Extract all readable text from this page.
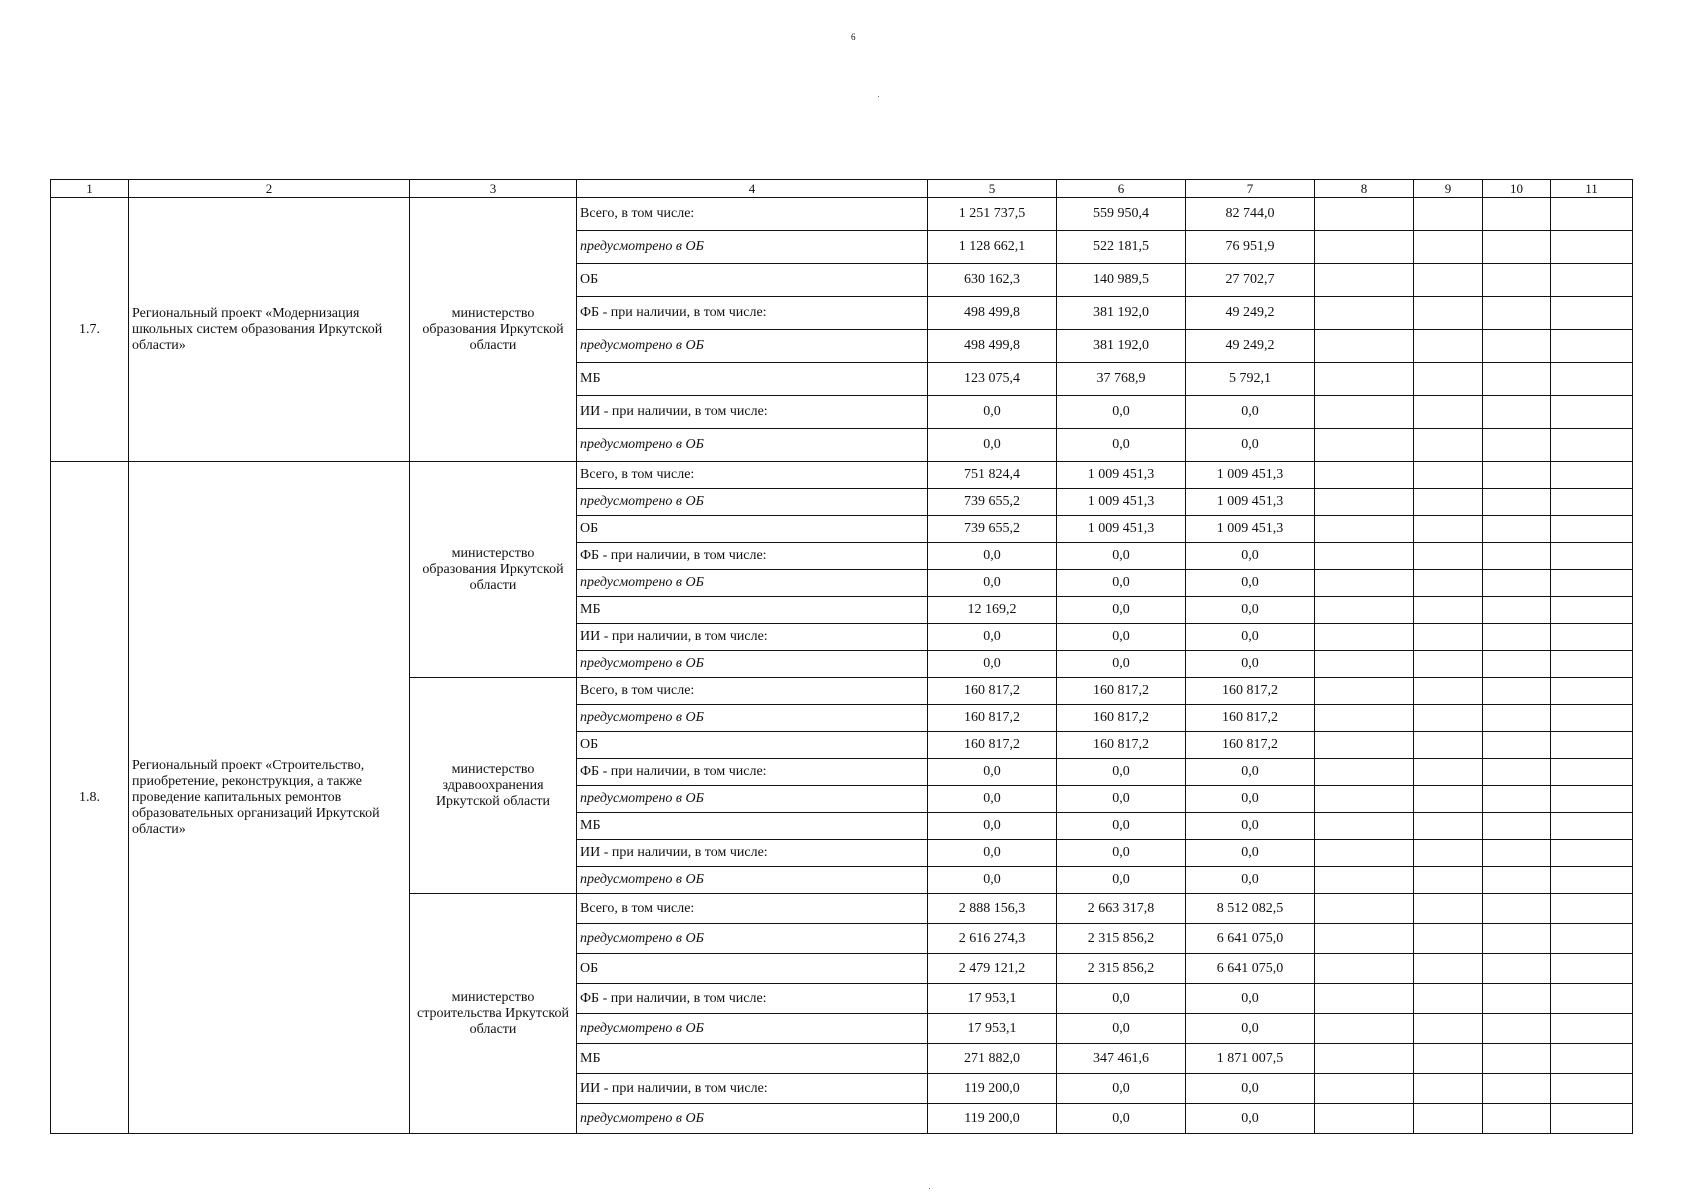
6
1	2	3	4	5	6	7	8	9	10	11
1.7.	Региональный проект «Модернизация школьных систем образования Иркутской области»	министерство образования Иркутской области	Всего, в том числе:	1 251 737,5	559 950,4	82 744,0				
			предусмотрено в ОБ	1 128 662,1	522 181,5	76 951,9				
			ОБ	630 162,3	140 989,5	27 702,7				
			ФБ - при наличии, в том числе:	498 499,8	381 192,0	49 249,2				
			предусмотрено в ОБ	498 499,8	381 192,0	49 249,2				
			МБ	123 075,4	37 768,9	5 792,1				
			ИИ - при наличии, в том числе:	0,0	0,0	0,0				
			предусмотрено в ОБ	0,0	0,0	0,0				
1.8.	Региональный проект «Строительство, приобретение, реконструкция, а также проведение капитальных ремонтов образовательных организаций Иркутской области»	министерство образования Иркутской области	Всего, в том числе:	751 824,4	1 009 451,3	1 009 451,3				
			предусмотрено в ОБ	739 655,2	1 009 451,3	1 009 451,3				
			ОБ	739 655,2	1 009 451,3	1 009 451,3				
			ФБ - при наличии, в том числе:	0,0	0,0	0,0				
			предусмотрено в ОБ	0,0	0,0	0,0				
			МБ	12 169,2	0,0	0,0				
			ИИ - при наличии, в том числе:	0,0	0,0	0,0				
			предусмотрено в ОБ	0,0	0,0	0,0				
		министерство здравоохранения Иркутской области	Всего, в том числе:	160 817,2	160 817,2	160 817,2				
			предусмотрено в ОБ	160 817,2	160 817,2	160 817,2				
			ОБ	160 817,2	160 817,2	160 817,2				
			ФБ - при наличии, в том числе:	0,0	0,0	0,0				
			предусмотрено в ОБ	0,0	0,0	0,0				
			МБ	0,0	0,0	0,0				
			ИИ - при наличии, в том числе:	0,0	0,0	0,0				
			предусмотрено в ОБ	0,0	0,0	0,0				
		министерство строительства Иркутской области	Всего, в том числе:	2 888 156,3	2 663 317,8	8 512 082,5				
			предусмотрено в ОБ	2 616 274,3	2 315 856,2	6 641 075,0				
			ОБ	2 479 121,2	2 315 856,2	6 641 075,0				
			ФБ - при наличии, в том числе:	17 953,1	0,0	0,0				
			предусмотрено в ОБ	17 953,1	0,0	0,0				
			МБ	271 882,0	347 461,6	1 871 007,5				
			ИИ - при наличии, в том числе:	119 200,0	0,0	0,0				
			предусмотрено в ОБ	119 200,0	0,0	0,0				
